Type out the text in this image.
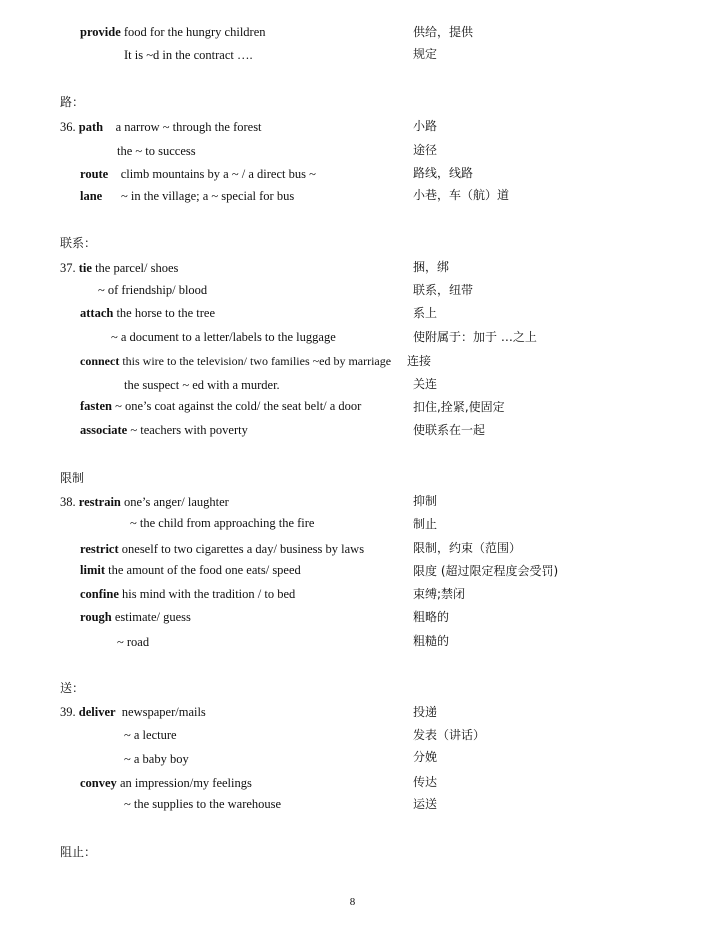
provide food for the hungry children	供给，提供
It is ~d in the contract ….	规定
路：
36. path    a narrow ~ through the forest	小路
the ~ to success	途径
route    climb mountains by a ~ / a direct bus ~	路线，线路
lane      ~ in the village; a ~ special for bus	小巷，车（航）道
联系：
37. tie the parcel/ shoes	捆，绑
~ of friendship/ blood	联系，纽带
attach the horse to the tree	系上
~ a document to a letter/labels to the luggage	使附属于：加于 …之上
connect this wire to the television/ two families ~ed by marriage 连接
the suspect ~ ed with a murder.	关连
fasten ~ one’s coat against the cold/ the seat belt/ a door	扣住,拴紧,使固定
associate ~ teachers with poverty	使联系在一起
限制
38. restrain one’s anger/ laughter	抑制
~ the child from approaching the fire	制止
restrict oneself to two cigarettes a day/ business by laws	限制，约束（范围）
limit the amount of the food one eats/ speed	限度 (超过限定程度会受罚)
confine his mind with the tradition / to bed	束缚;禁闭
rough estimate/ guess	粗略的
~ road	粗糙的
送：
39. deliver  newspaper/mails	投递
~ a lecture	发表（讲话）
~ a baby boy	分娩
convey an impression/my feelings	传达
~ the supplies to the warehouse	运送
阻止：
8
